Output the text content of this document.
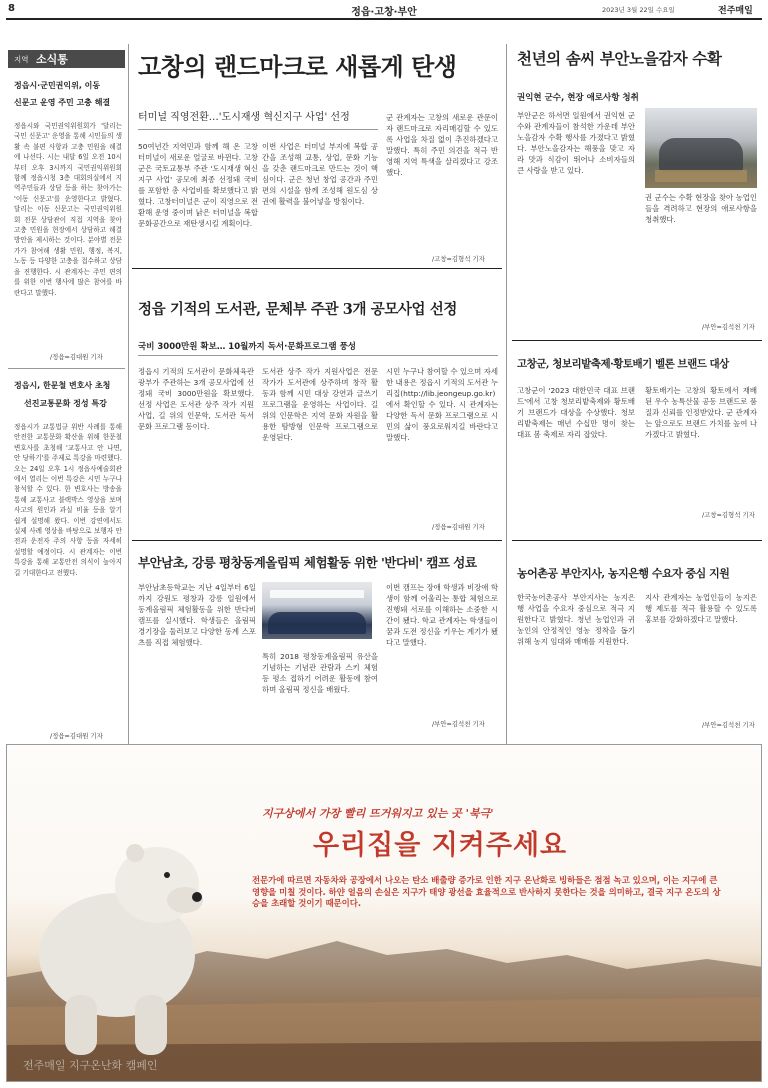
8	정읍·고창·부안	2023년 3월 22일 수요일	전주매일
지역 소식통
정읍시·군민권익위, 이동
신문고 운영 주민 고충 해결
정읍시와 국민권익위원회가 '달리는 국민 신문고' 운영을 통해 시민들의 생활 속 불편 사항과 고충 민원을 해결에 나선다. 시는 내달 6일 오전 10시부터 오후 3시까지 국민권익위원회 함께 정읍시청 3층 대회의실에서 지역주민들과 상담 등을 하는 찾아가는 '이동 신문고'를 운영한다고 밝혔다. 달리는 이동 신문고는 국민권익위원회 전문 상담관이 직접 지역을 찾아 고충 민원을 현장에서 상담하고 해결 방안을 제시하는 것이다. 분야별 전문가가 참여해 생활 민원, 행정, 복지, 노동 등 다양한 고충을 접수하고 상담을 진행한다. 시 관계자는 주민 편의를 위한 이번 행사에 많은 참여를 바란다고 말했다.
/정읍=김대원 기자
정읍시, 한문철 변호사 초청
선진교통문화 정성 특강
정읍시가 교통법규 위반 사례를 통해 안전한 교통문화 확산을 위해 한문철 변호사를 초청해 '교통사고 안 나면, 안 당하기'를 주제로 특강을 마련했다. 오는 24일 오후 1시 정읍사예술회관에서 열리는 이번 특강은 시민 누구나 참석할 수 있다. 한 변호사는 방송을 통해 교통사고 블랙박스 영상을 보며 사고의 원인과 과실 비율 등을 알기 쉽게 설명해 왔다. 이번 강연에서도 실제 사례 영상을 바탕으로 보행자 안전과 운전자 주의 사항 등을 자세히 설명할 예정이다. 시 관계자는 이번 특강을 통해 교통안전 의식이 높아지길 기대한다고 전했다.
/정읍=김대원 기자
고창의 랜드마크로 새롭게 탄생
터미널 직영전환…'도시재생 혁신지구 사업' 선정
50여년간 지역민과 함께 해 온 고창 터미널이 새로운 얼굴로 바뀐다. 고창군은 국토교통부 주관 '도시재생 혁신지구 사업' 공모에 최종 선정돼 국비를 포함한 총 사업비를 확보했다고 밝혔다. 고창터미널은 군이 직영으로 전환해 운영 중이며 낡은 터미널을 복합 문화공간으로 재탄생시킬 계획이다.
이번 사업은 터미널 부지에 복합 공간을 조성해 교통, 상업, 문화 기능을 갖춘 랜드마크로 만드는 것이 핵심이다. 군은 청년 창업 공간과 주민 편의 시설을 함께 조성해 원도심 상권에 활력을 불어넣을 방침이다.
군 관계자는 고창의 새로운 관문이자 랜드마크로 자리매김할 수 있도록 사업을 차질 없이 추진하겠다고 말했다. 특히 주민 의견을 적극 반영해 지역 특색을 살리겠다고 강조했다.
/고창=김형석 기자
정읍 기적의 도서관, 문체부 주관 3개 공모사업 선정
국비 3000만원 확보… 10월까지 독서·문화프로그램 풍성
정읍시 기적의 도서관이 문화체육관광부가 주관하는 3개 공모사업에 선정돼 국비 3000만원을 확보했다. 선정 사업은 도서관 상주 작가 지원사업, 길 위의 인문학, 도서관 독서문화 프로그램 등이다.
도서관 상주 작가 지원사업은 전문 작가가 도서관에 상주하며 창작 활동과 함께 시민 대상 강연과 글쓰기 프로그램을 운영하는 사업이다. 길 위의 인문학은 지역 문화 자원을 활용한 탐방형 인문학 프로그램으로 운영된다.
시민 누구나 참여할 수 있으며 자세한 내용은 정읍시 기적의 도서관 누리집(http://lib.jeongeup.go.kr)에서 확인할 수 있다. 시 관계자는 다양한 독서 문화 프로그램으로 시민의 삶이 풍요로워지길 바란다고 말했다.
/정읍=김대원 기자
부안남초, 강릉 평창동계올림픽 체험활동 위한 '반다비' 캠프 성료
부안남초등학교는 지난 4일부터 6일까지 강원도 평창과 강릉 일원에서 동계올림픽 체험활동을 위한 반다비 캠프를 실시했다. 학생들은 올림픽 경기장을 둘러보고 다양한 동계 스포츠를 직접 체험했다.
특히 2018 평창동계올림픽 유산을 기념하는 기념관 관람과 스키 체험 등 평소 접하기 어려운 활동에 참여하며 올림픽 정신을 배웠다.
이번 캠프는 장애 학생과 비장애 학생이 함께 어울리는 통합 체험으로 진행돼 서로를 이해하는 소중한 시간이 됐다. 학교 관계자는 학생들이 꿈과 도전 정신을 키우는 계기가 됐다고 말했다.
/부안=김석천 기자
천년의 솜씨 부안노을감자 수확
권익현 군수, 현장 애로사항 청취
부안군은 하서면 일원에서 권익현 군수와 관계자들이 참석한 가운데 부안노을감자 수확 행사를 가졌다고 밝혔다. 부안노을감자는 해풍을 맞고 자라 맛과 식감이 뛰어나 소비자들의 큰 사랑을 받고 있다.
권 군수는 수확 현장을 찾아 농업인들을 격려하고 현장의 애로사항을 청취했다.
/부안=김석천 기자
고창군, 청보리밭축제·황토배기 벨론 브랜드 대상
고창군이 '2023 대한민국 대표 브랜드'에서 고창 청보리밭축제와 황토배기 브랜드가 대상을 수상했다. 청보리밭축제는 매년 수십만 명이 찾는 대표 봄 축제로 자리 잡았다.
황토배기는 고창의 황토에서 재배된 우수 농특산물 공동 브랜드로 품질과 신뢰를 인정받았다. 군 관계자는 앞으로도 브랜드 가치를 높여 나가겠다고 밝혔다.
/고창=김형석 기자
농어촌공 부안지사, 농지은행 수요자 중심 지원
한국농어촌공사 부안지사는 농지은행 사업을 수요자 중심으로 적극 지원한다고 밝혔다. 청년 농업인과 귀농인의 안정적인 영농 정착을 돕기 위해 농지 임대와 매매를 지원한다.
지사 관계자는 농업인들이 농지은행 제도를 적극 활용할 수 있도록 홍보를 강화하겠다고 말했다.
/부안=김석천 기자
지구상에서 가장 빨리 뜨거워지고 있는 곳 '북극'
우리집을 지켜주세요
전문가에 따르면 자동차와 공장에서 나오는 탄소 배출량 증가로 인한 지구 온난화로 빙하들은 점점 녹고 있으며, 이는 지구에 큰 영향을 미칠 것이다. 하얀 얼음의 손실은 지구가 태양 광선을 효율적으로 반사하지 못한다는 것을 의미하고, 결국 지구 온도의 상승을 초래할 것이기 때문이다.
전주매일 지구온난화 캠페인
